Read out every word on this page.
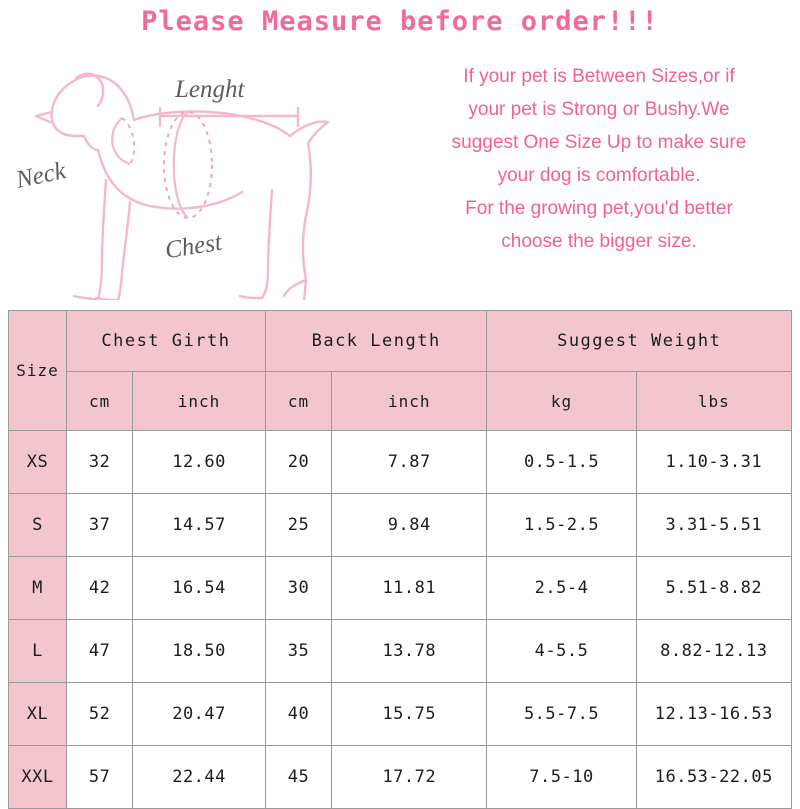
Please Measure before order!!!
Neck
Lenght
Chest
If your pet is Between Sizes,or if
your pet is Strong or Bushy.We
suggest One Size Up to make sure
your dog is comfortable.
For the growing pet,you'd better
choose the bigger size.
Size	Chest Girth		Back Length		Suggest Weight	
	cm	inch	cm	inch	kg	lbs
XS	32	12.60	20	7.87	0.5-1.5	1.10-3.31
S	37	14.57	25	9.84	1.5-2.5	3.31-5.51
M	42	16.54	30	11.81	2.5-4	5.51-8.82
L	47	18.50	35	13.78	4-5.5	8.82-12.13
XL	52	20.47	40	15.75	5.5-7.5	12.13-16.53
XXL	57	22.44	45	17.72	7.5-10	16.53-22.05
